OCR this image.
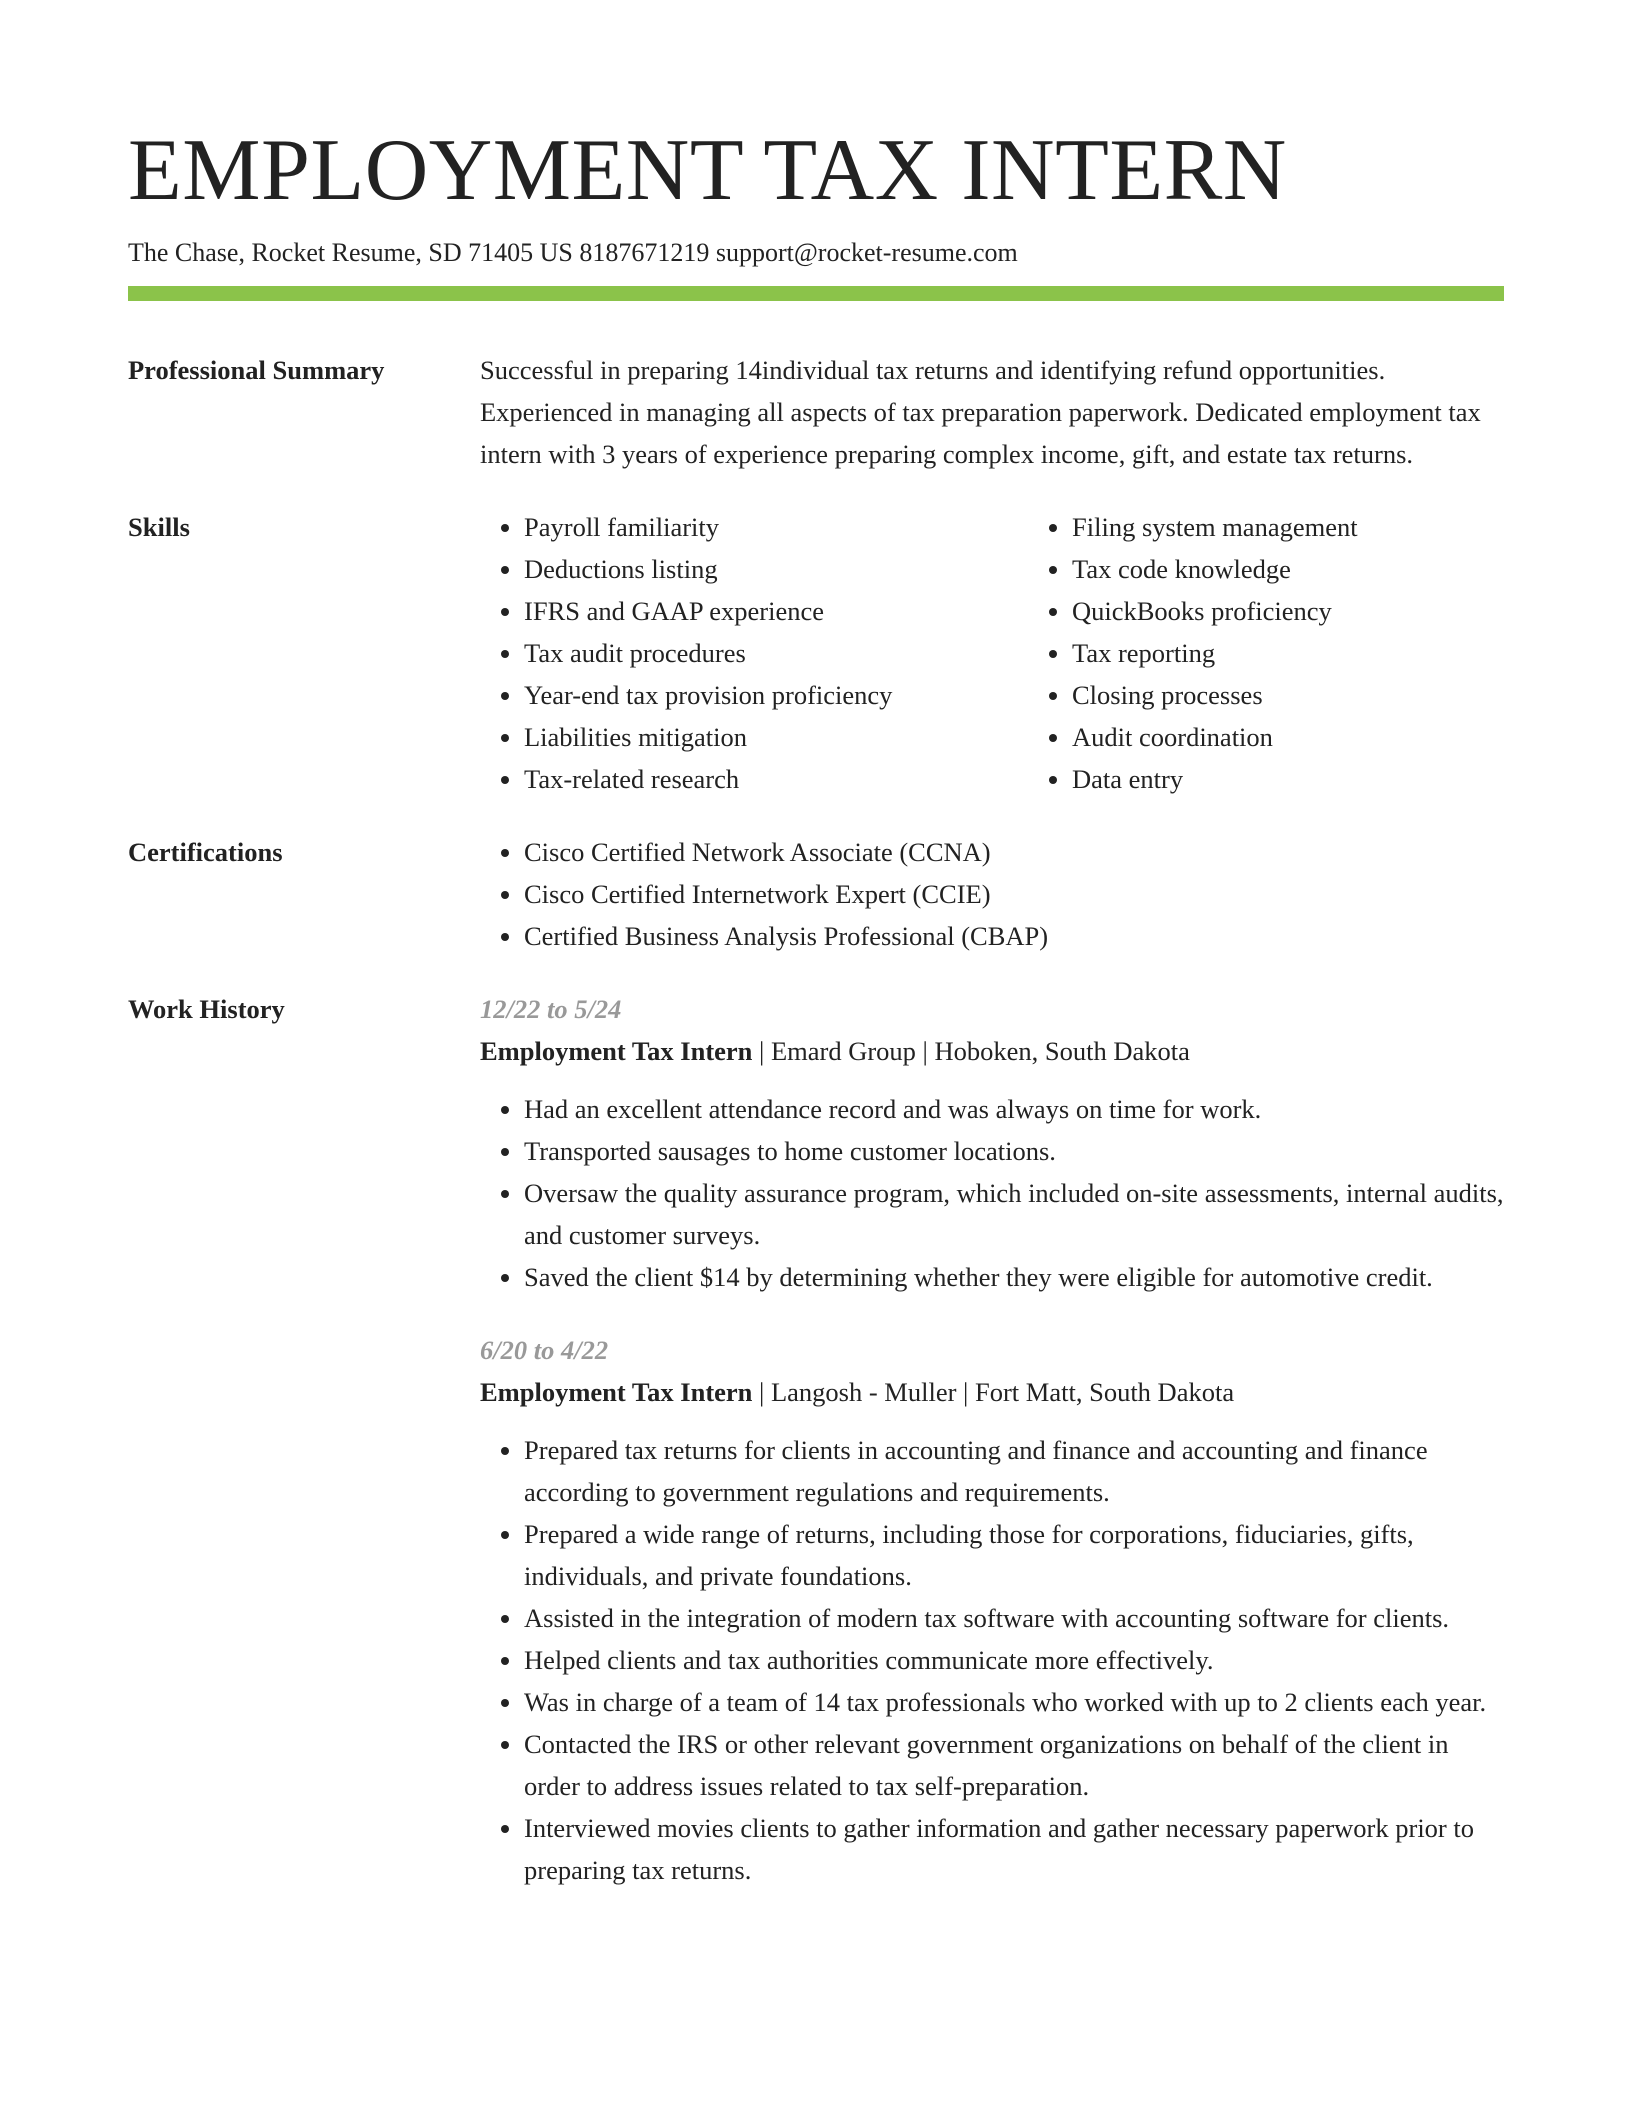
EMPLOYMENT TAX INTERN
The Chase, Rocket Resume, SD 71405 US 8187671219 support@rocket-resume.com
Professional Summary	Successful in preparing 14individual tax returns and identifying refund opportunities. Experienced in managing all aspects of tax preparation paperwork. Dedicated employment tax intern with 3 years of experience preparing complex income, gift, and estate tax returns.

Skills	• Payroll familiarity
• Deductions listing
• IFRS and GAAP experience
• Tax audit procedures
• Year-end tax provision proficiency
• Liabilities mitigation
• Tax-related research
• Filing system management
• Tax code knowledge
• QuickBooks proficiency
• Tax reporting
• Closing processes
• Audit coordination
• Data entry
Certifications	• Cisco Certified Network Associate (CCNA)
• Cisco Certified Internetwork Expert (CCIE)
• Certified Business Analysis Professional (CBAP)
Work History	12/22 to 5/24
Employment Tax Intern | Emard Group | Hoboken, South Dakota
• Had an excellent attendance record and was always on time for work.
• Transported sausages to home customer locations.
• Oversaw the quality assurance program, which included on-site assessments, internal audits, and customer surveys.
• Saved the client $14 by determining whether they were eligible for automotive credit.
6/20 to 4/22
Employment Tax Intern | Langosh - Muller | Fort Matt, South Dakota
• Prepared tax returns for clients in accounting and finance and accounting and finance according to government regulations and requirements.
• Prepared a wide range of returns, including those for corporations, fiduciaries, gifts, individuals, and private foundations.
• Assisted in the integration of modern tax software with accounting software for clients.
• Helped clients and tax authorities communicate more effectively.
• Was in charge of a team of 14 tax professionals who worked with up to 2 clients each year.
• Contacted the IRS or other relevant government organizations on behalf of the client in order to address issues related to tax self-preparation.
• Interviewed movies clients to gather information and gather necessary paperwork prior to preparing tax returns.
